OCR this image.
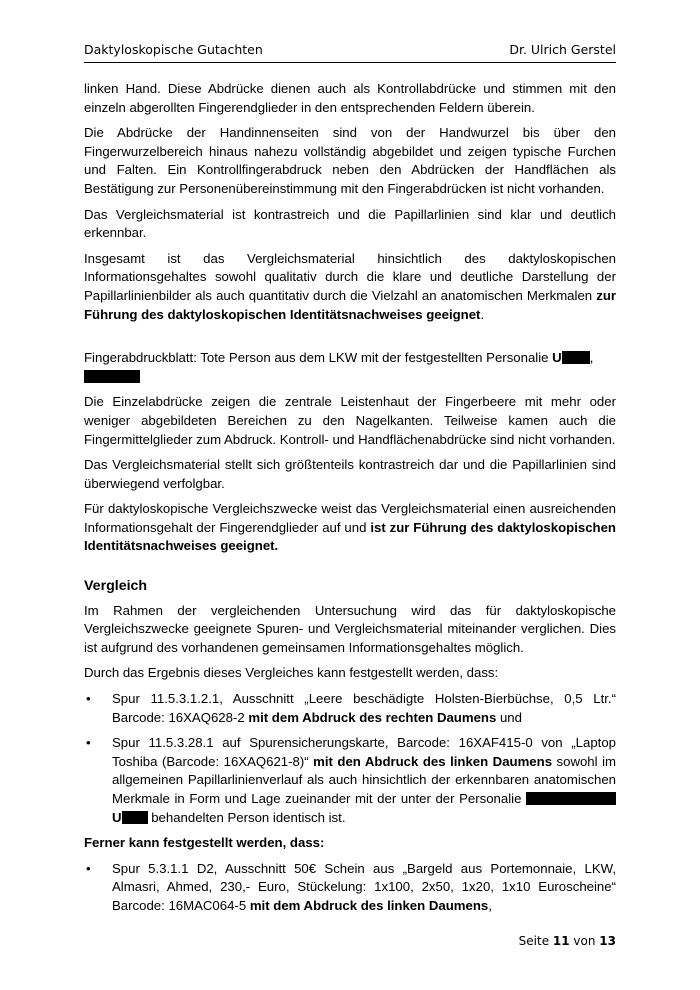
Daktyloskopische Gutachten	Dr. Ulrich Gerstel

linken Hand. Diese Abdrücke dienen auch als Kontrollabdrücke und stimmen mit den einzeln abgerollten Fingerendglieder in den entsprechenden Feldern überein.

Die Abdrücke der Handinnenseiten sind von der Handwurzel bis über den Fingerwurzelbereich hinaus nahezu vollständig abgebildet und zeigen typische Furchen und Falten. Ein Kontrollfingerabdruck neben den Abdrücken der Handflächen als Bestätigung zur Personenübereinstimmung mit den Fingerabdrücken ist nicht vorhanden.

Das Vergleichsmaterial ist kontrastreich und die Papillarlinien sind klar und deutlich erkennbar.

Insgesamt ist das Vergleichsmaterial hinsichtlich des daktyloskopischen Informationsgehaltes sowohl qualitativ durch die klare und deutliche Darstellung der Papillarlinienbilder als auch quantitativ durch die Vielzahl an anatomischen Merkmalen zur Führung des daktyloskopischen Identitätsnachweises geeignet.

Fingerabdruckblatt: Tote Person aus dem LKW mit der festgestellten Personalie U ,

Die Einzelabdrücke zeigen die zentrale Leistenhaut der Fingerbeere mit mehr oder weniger abgebildeten Bereichen zu den Nagelkanten. Teilweise kamen auch die Fingermittelglieder zum Abdruck. Kontroll- und Handflächenabdrücke sind nicht vorhanden.

Das Vergleichsmaterial stellt sich größtenteils kontrastreich dar und die Papillarlinien sind überwiegend verfolgbar.

Für daktyloskopische Vergleichszwecke weist das Vergleichsmaterial einen ausreichenden Informationsgehalt der Fingerendglieder auf und ist zur Führung des daktyloskopischen Identitätsnachweises geeignet.

Vergleich

Im Rahmen der vergleichenden Untersuchung wird das für daktyloskopische Vergleichszwecke geeignete Spuren- und Vergleichsmaterial miteinander verglichen. Dies ist aufgrund des vorhandenen gemeinsamen Informationsgehaltes möglich.

Durch das Ergebnis dieses Vergleiches kann festgestellt werden, dass:

• Spur 11.5.3.1.2.1, Ausschnitt „Leere beschädigte Holsten-Bierbüchse, 0,5 Ltr.“ Barcode: 16XAQ628-2 mit dem Abdruck des rechten Daumens und

• Spur 11.5.3.28.1 auf Spurensicherungskarte, Barcode: 16XAF415-0 von „Laptop Toshiba (Barcode: 16XAQ621-8)“ mit den Abdruck des linken Daumens sowohl im allgemeinen Papillarlinienverlauf als auch hinsichtlich der erkennbaren anatomischen Merkmale in Form und Lage zueinander mit der unter der Personalie  U behandelten Person identisch ist.

Ferner kann festgestellt werden, dass:

• Spur 5.3.1.1 D2, Ausschnitt 50€ Schein aus „Bargeld aus Portemonnaie, LKW, Almasri, Ahmed, 230,- Euro, Stückelung: 1x100, 2x50, 1x20, 1x10 Euroscheine“ Barcode: 16MAC064-5 mit dem Abdruck des linken Daumens,

Seite 11 von 13
